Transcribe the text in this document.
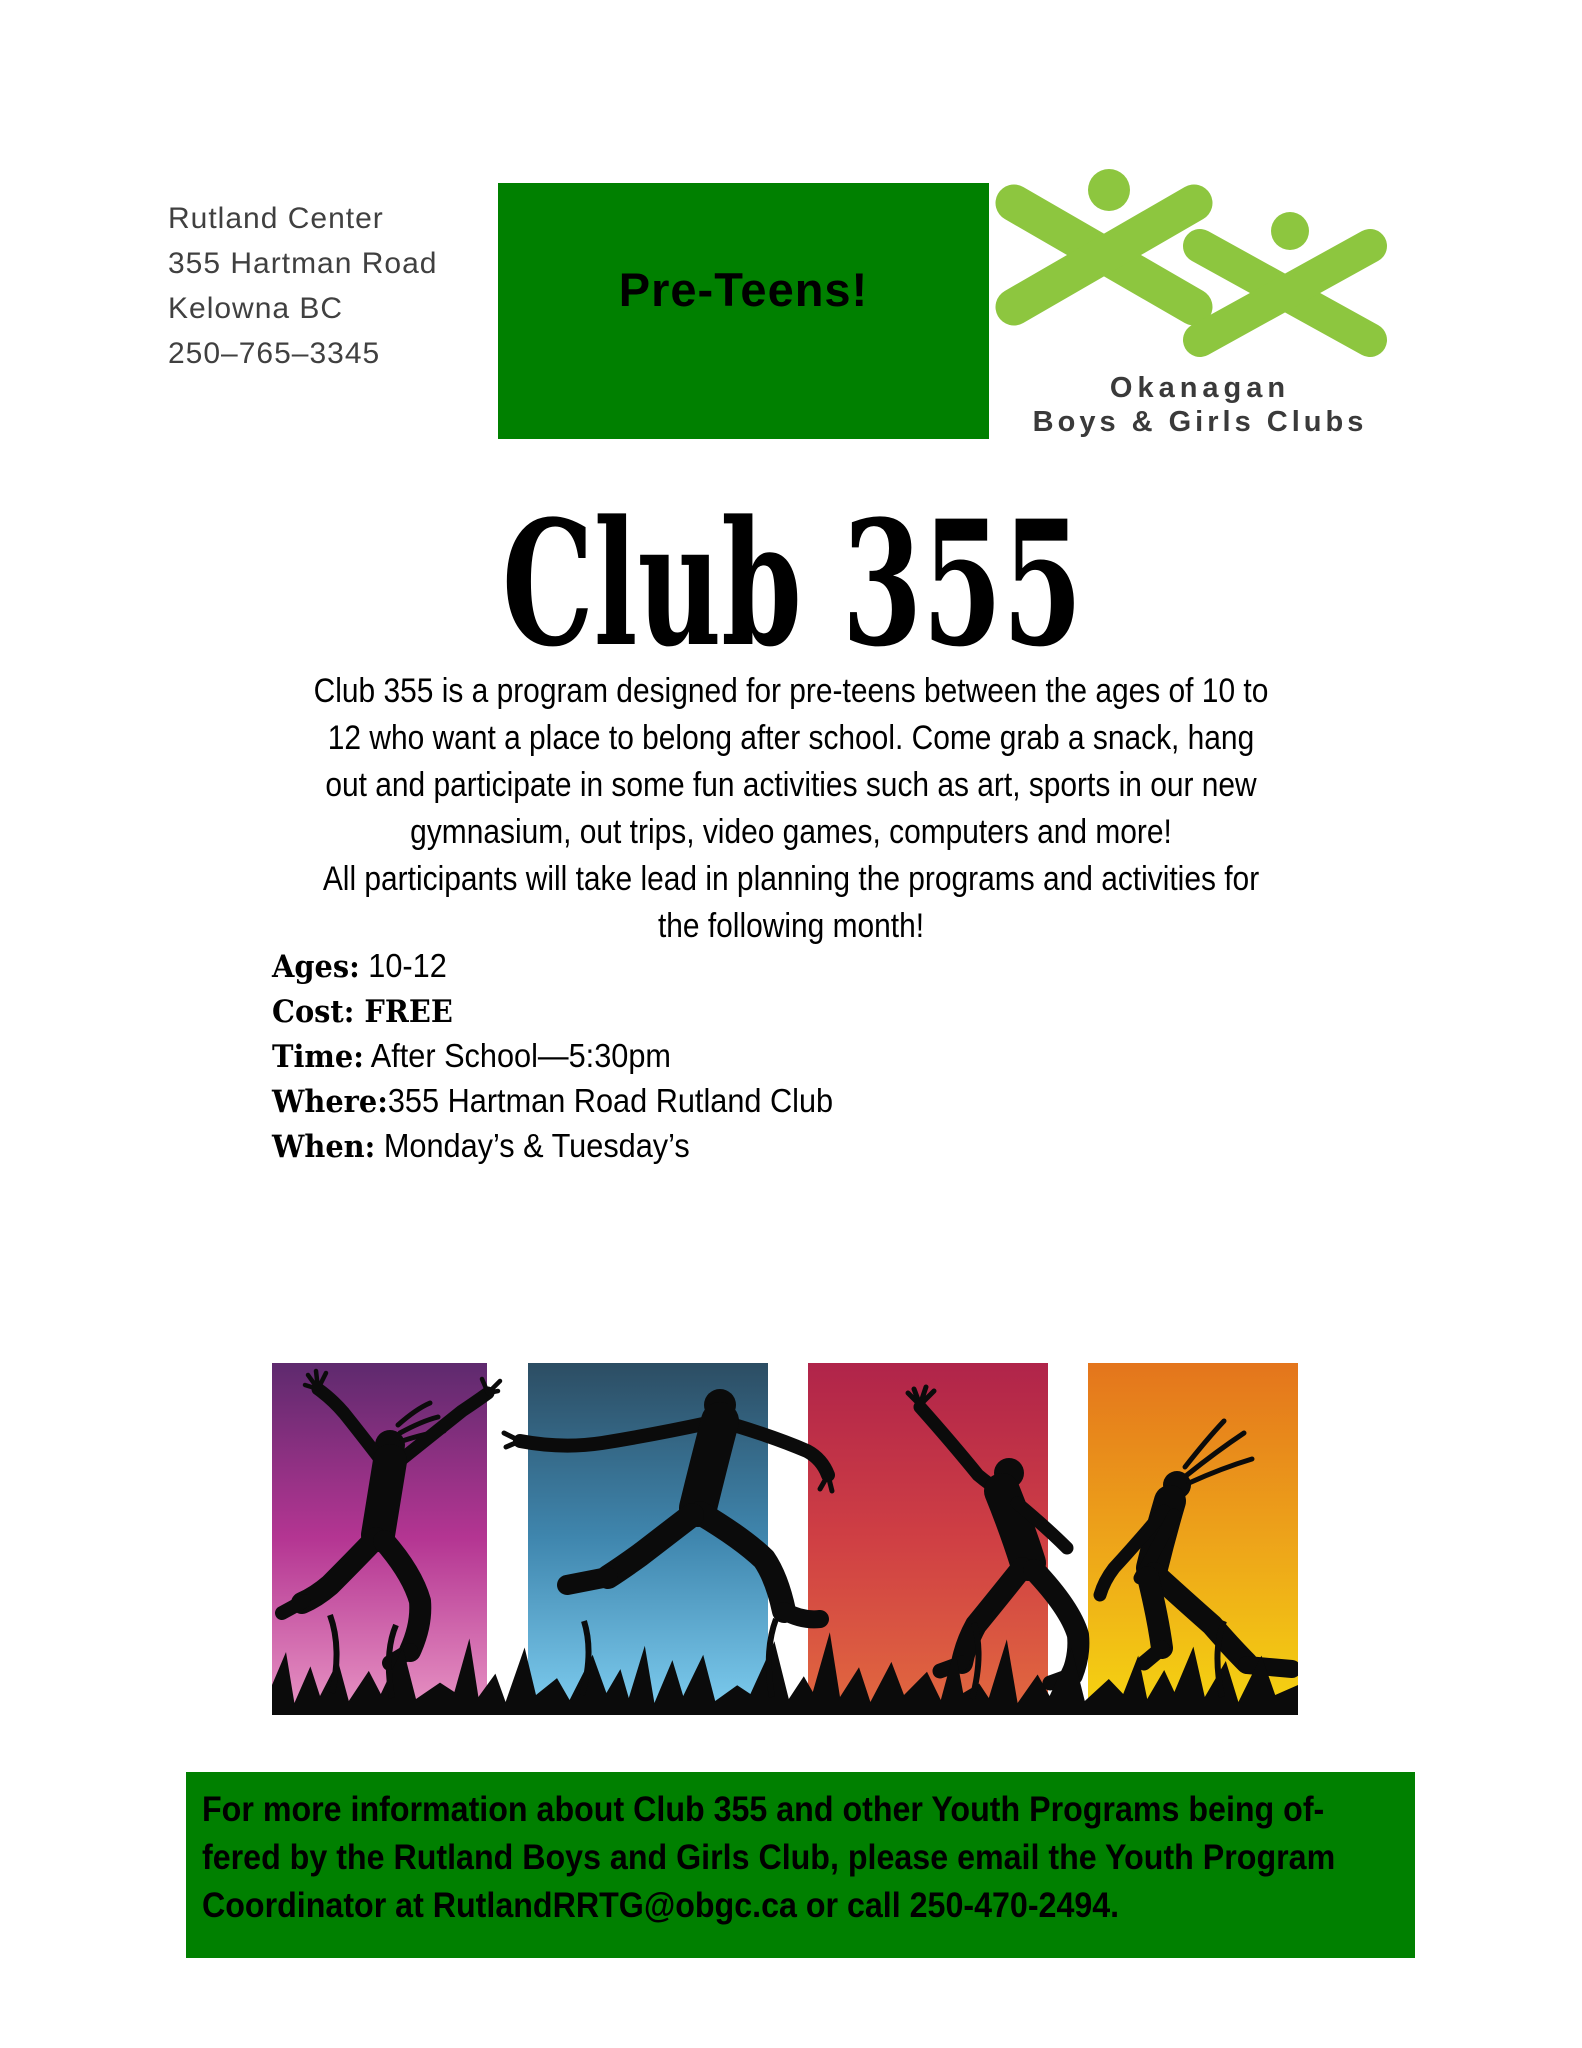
Rutland Center
355 Hartman Road
Kelowna BC
250–765–3345
Pre-Teens!
Okanagan
Boys & Girls Clubs
Club 355
Club 355 is a program designed for pre-teens between the ages of 10 to
12 who want a place to belong after school. Come grab a snack, hang
out and participate in some fun activities such as art, sports in our new
gymnasium, out trips, video games, computers and more!
All participants will take lead in planning the programs and activities for
the following month!
Ages: 10-12
Cost: FREE
Time: After School—5:30pm
Where:355 Hartman Road Rutland Club
When: Monday’s & Tuesday’s
For more information about Club 355 and other Youth Programs being of-
fered by the Rutland Boys and Girls Club, please email the Youth Program
Coordinator at RutlandRRTG@obgc.ca or call 250-470-2494.
